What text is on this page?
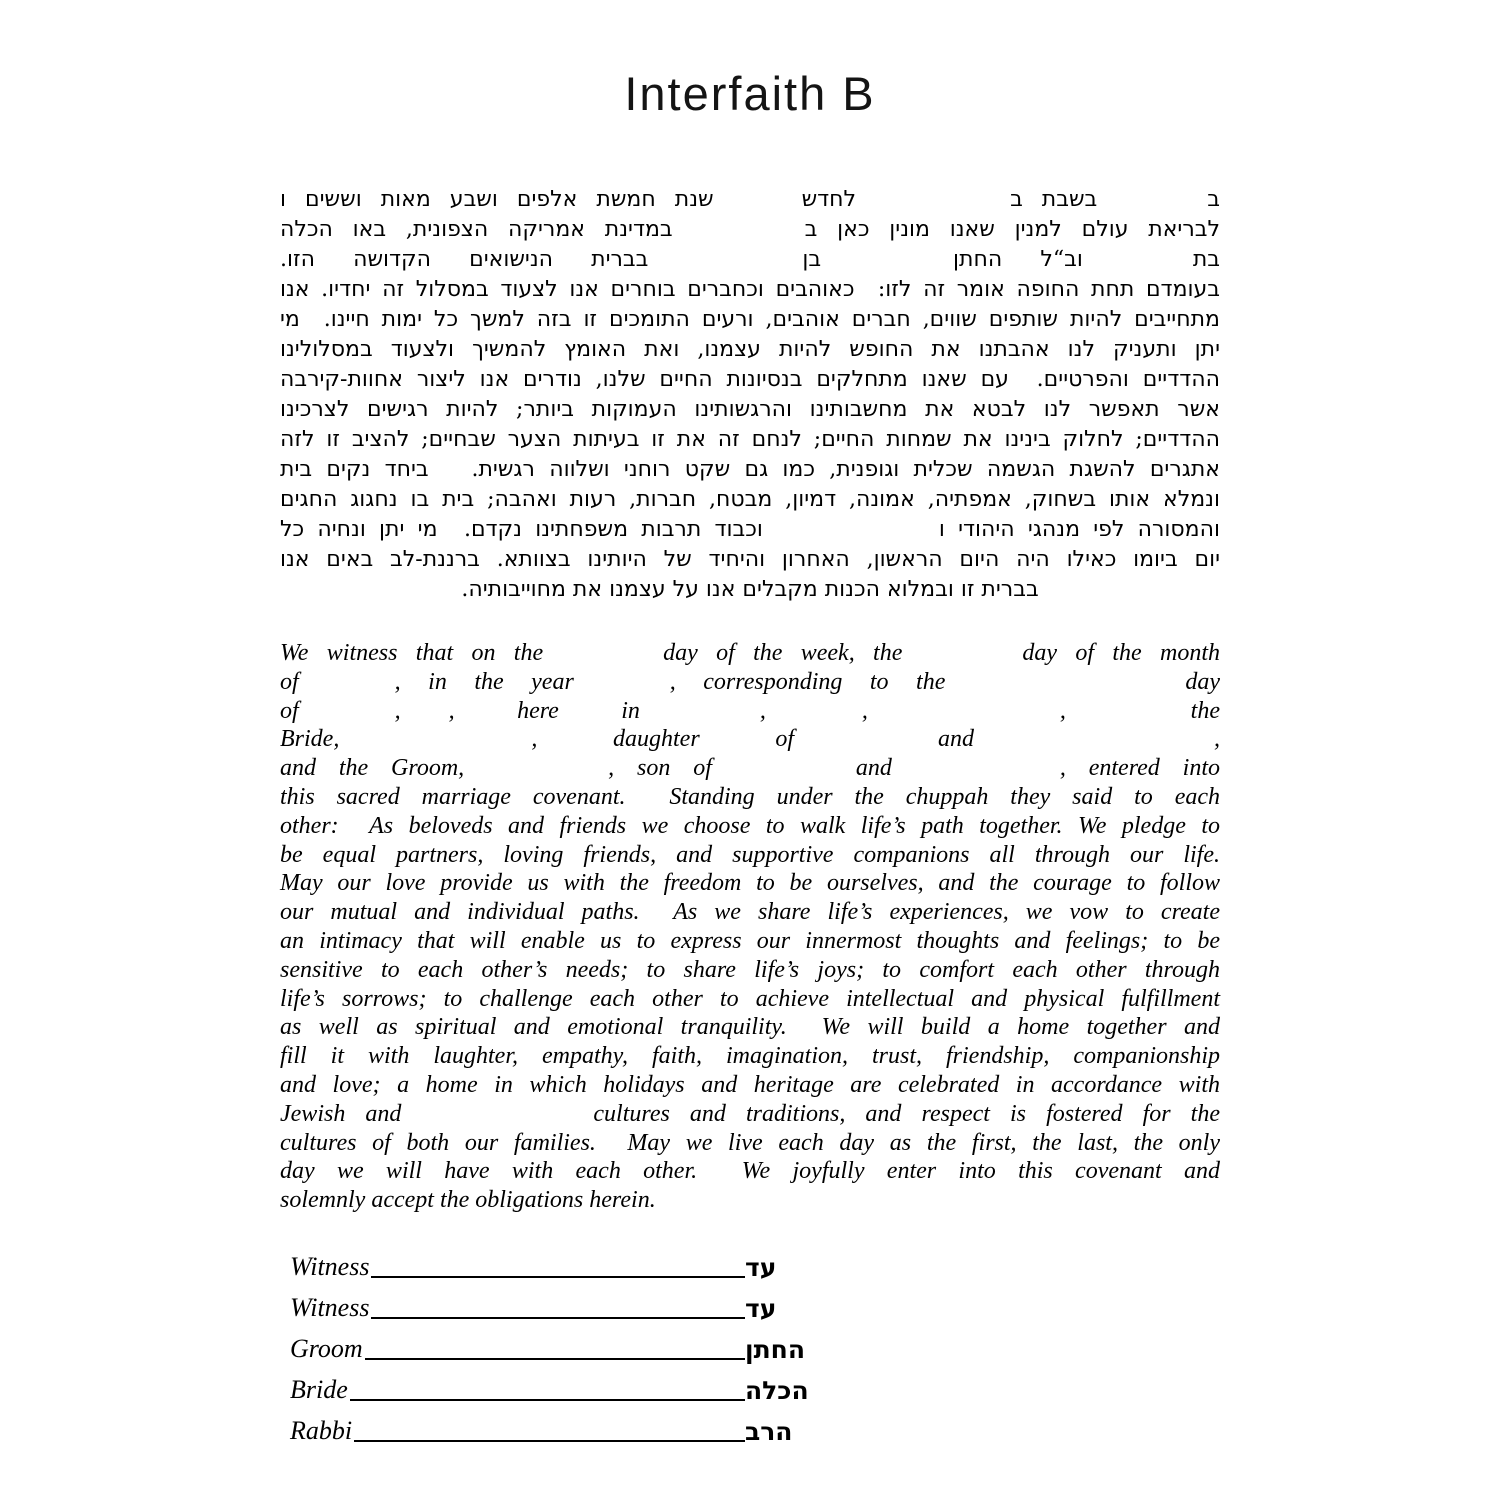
Interfaith B
ב     בשבת ב       לחדש    שנת חמשת אלפים ושבע מאות וששים ו
לבריאת עולם למנין שאנו מונין כאן ב      במדינת אמריקה הצפונית, באו הכלה
בת     וב“ל החתן      בן       בברית הנישואים הקדושה הזו.
בעומדם תחת החופה אומר זה לזו:  כאוהבים וכחברים בוחרים אנו לצעוד במסלול זה יחדיו. אנו
מתחייבים להיות שותפים שווים, חברים אוהבים, ורעים התומכים זו בזה למשך כל ימות חיינו.  מי
יתן ותעניק לנו אהבתנו את החופש להיות עצמנו, ואת האומץ להמשיך ולצעוד במסלולינו
ההדדיים והפרטיים.  עם שאנו מתחלקים בנסיונות החיים שלנו, נודרים אנו ליצור אחוות-קירבה
אשר תאפשר לנו לבטא את מחשבותינו והרגשותינו העמוקות ביותר; להיות רגישים לצרכינו
ההדדיים; לחלוק בינינו את שמחות החיים; לנחם זה את זו בעיתות הצער שבחיים; להציב זו לזה
אתגרים להשגת הגשמה שכלית וגופנית, כמו גם שקט רוחני ושלווה רגשית.   ביחד נקים בית
ונמלא אותו בשחוק, אמפתיה, אמונה, דמיון, מבטח, חברות, רעות ואהבה; בית בו נחגוג החגים
והמסורה לפי מנהגי היהודי ו        וכבוד תרבות משפחתינו נקדם.  מי יתן ונחיה כל
יום ביומו כאילו היה היום הראשון, האחרון והיחיד של היותינו בצוותא. ברננת-לב באים אנו
בברית זו ובמלוא הכנות מקבלים אנו על עצמנו את מחוייבותיה.
We witness that on the     day of the week, the     day of the month
of    , in the year    , corresponding to the          day
of    ,  , here in     ,    ,        ,  the
Bride,        , daughter of      and          ,
and the Groom,      , son of      and       , entered into
this sacred marriage covenant.  Standing under the chuppah they said to each
other:  As beloveds and friends we choose to walk life’s path together. We pledge to
be equal partners, loving friends, and supportive companions all through our life.
May our love provide us with the freedom to be ourselves, and the courage to follow
our mutual and individual paths.  As we share life’s experiences, we vow to create
an intimacy that will enable us to express our innermost thoughts and feelings; to be
sensitive to each other’s needs; to share life’s joys; to comfort each other through
life’s sorrows; to challenge each other to achieve intellectual and physical fulfillment
as well as spiritual and emotional tranquility.  We will build a home together and
fill it with laughter, empathy, faith, imagination, trust, friendship, companionship
and love; a home in which holidays and heritage are celebrated in accordance with
Jewish and        cultures and traditions, and respect is fostered for the
cultures of both our families.  May we live each day as the first, the last, the only
day we will have with each other.  We joyfully enter into this covenant and
solemnly accept the obligations herein.
Witness	עד
Witness	עד
Groom	החתן
Bride	הכלה
Rabbi	הרב
